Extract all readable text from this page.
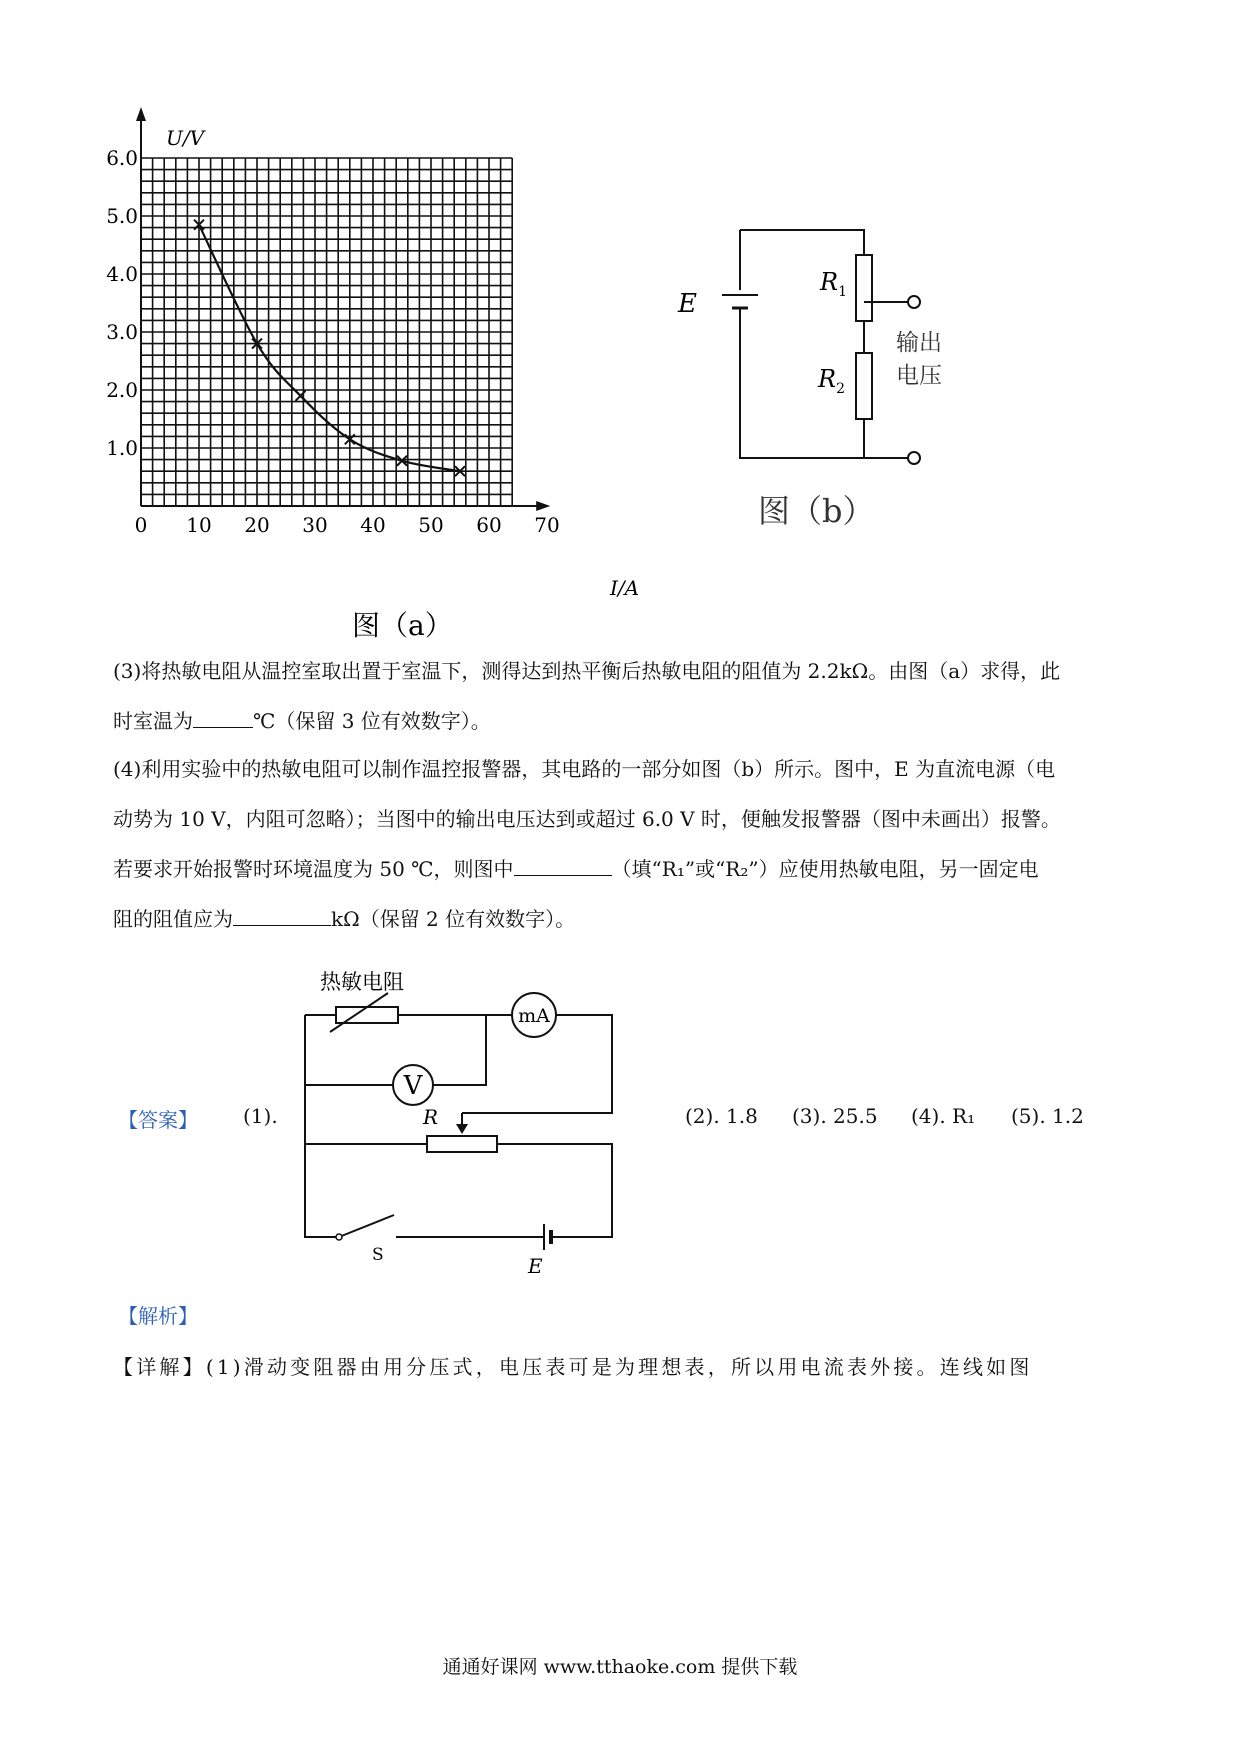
0 10 20 30 40 50 60 70
1.0
2.0
3.0
4.0
5.0
6.0
U/V
I/A
图（a）
E
$R_1$
$R_2$
输出
电压
图（b）
(3)将热敏电阻从温控室取出置于室温下，测得达到热平衡后热敏电阻的阻值为 2.2kΩ。由图（a）求得，此
时室温为	℃（保留 3 位有效数字）。
(4)利用实验中的热敏电阻可以制作温控报警器，其电路的一部分如图（b）所示。图中，E 为直流电源（电
动势为 10 V，内阻可忽略）；当图中的输出电压达到或超过 6.0 V 时，便触发报警器（图中未画出）报警。
若要求开始报警时环境温度为 50 ℃，则图中	（填“R₁”或“R₂”）应使用热敏电阻，另一固定电
阻的阻值应为	kΩ（保留 2 位有效数字）。
【答案】 (1).	(2). 1.8 (3). 25.5 (4). R₁ (5). 1.2
热敏电阻
mA
V
R
S	E
【解析】
【详解】(1)滑动变阻器由用分压式，电压表可是为理想表，所以用电流表外接。连线如图
通通好课网 www.tthaoke.com 提供下载
